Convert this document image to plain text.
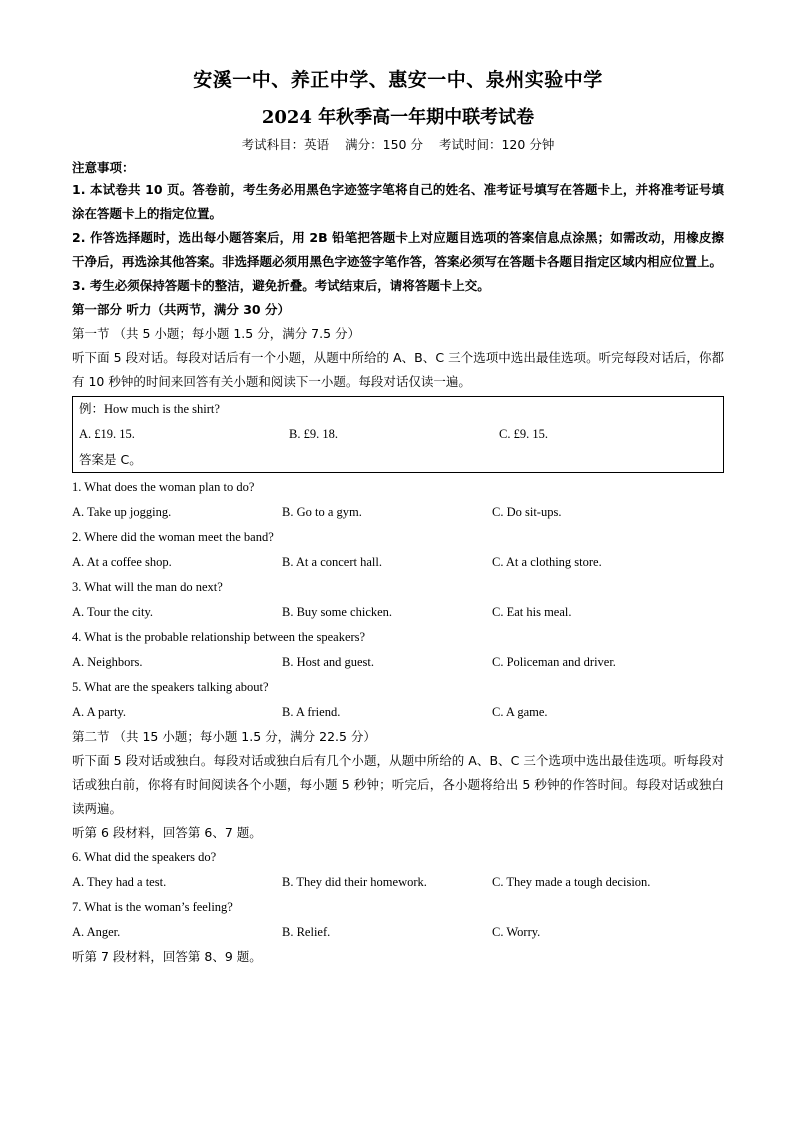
安溪一中、养正中学、惠安一中、泉州实验中学

2024 年秋季高一年期中联考试卷

考试科目：英语 满分：150 分 考试时间：120 分钟

注意事项：
1. 本试卷共 10 页。答卷前，考生务必用黑色字迹签字笔将自己的姓名、准考证号填写在答题卡上，并将准考证号填涂在答题卡上的指定位置。
2. 作答选择题时，选出每小题答案后，用 2B 铅笔把答题卡上对应题目选项的答案信息点涂黑；如需改动，用橡皮擦干净后，再选涂其他答案。非选择题必须用黑色字迹签字笔作答，答案必须写在答题卡各题目指定区域内相应位置上。
3. 考生必须保持答题卡的整洁，避免折叠。考试结束后，请将答题卡上交。
第一部分 听力（共两节，满分 30 分）
第一节 （共 5 小题；每小题 1.5 分，满分 7.5 分）
听下面 5 段对话。每段对话后有一个小题，从题中所给的 A、B、C 三个选项中选出最佳选项。听完每段对话后，你都有 10 秒钟的时间来回答有关小题和阅读下一小题。每段对话仅读一遍。
例：How much is the shirt?
A. £19. 15.	B. £9. 18.	C. £9. 15.
答案是 C。
1. What does the woman plan to do?
A. Take up jogging.	B. Go to a gym.	C. Do sit-ups.
2. Where did the woman meet the band?
A. At a coffee shop.	B. At a concert hall.	C. At a clothing store.
3. What will the man do next?
A. Tour the city.	B. Buy some chicken.	C. Eat his meal.
4. What is the probable relationship between the speakers?
A. Neighbors.	B. Host and guest.	C. Policeman and driver.
5. What are the speakers talking about?
A. A party.	B. A friend.	C. A game.
第二节 （共 15 小题；每小题 1.5 分，满分 22.5 分）
听下面 5 段对话或独白。每段对话或独白后有几个小题，从题中所给的 A、B、C 三个选项中选出最佳选项。听每段对话或独白前，你将有时间阅读各个小题，每小题 5 秒钟；听完后，各小题将给出 5 秒钟的作答时间。每段对话或独白读两遍。
听第 6 段材料，回答第 6、7 题。
6. What did the speakers do?
A. They had a test.	B. They did their homework.	C. They made a tough decision.
7. What is the woman’s feeling?
A. Anger.	B. Relief.	C. Worry.
听第 7 段材料，回答第 8、9 题。
